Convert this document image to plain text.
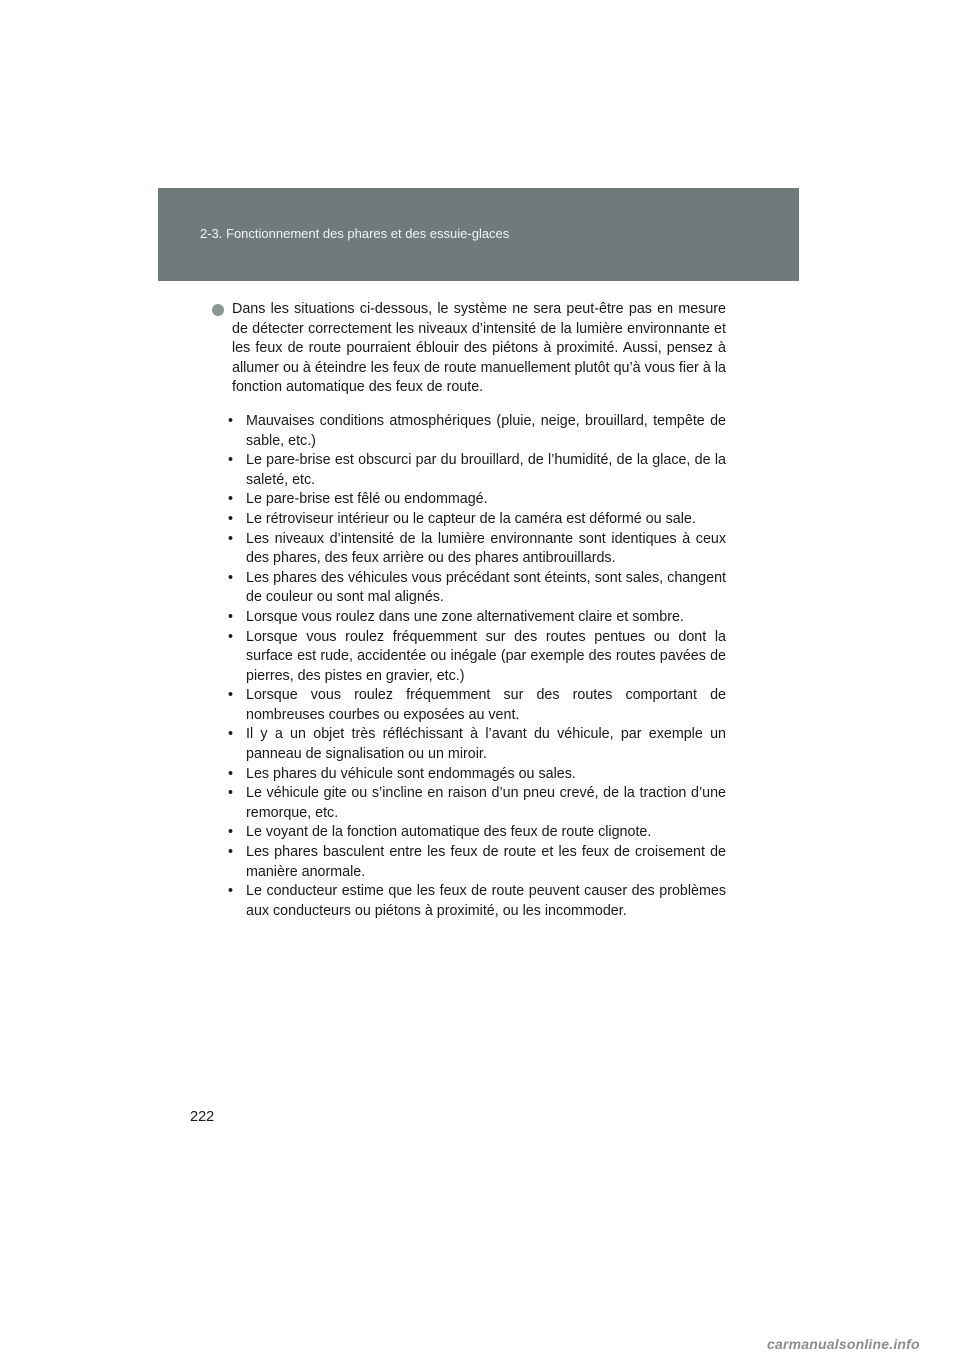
2-3. Fonctionnement des phares et des essuie-glaces
Dans les situations ci-dessous, le système ne sera peut-être pas en mesure de détecter correctement les niveaux d’intensité de la lumière environnante et les feux de route pourraient éblouir des piétons à proximité. Aussi, pensez à allumer ou à éteindre les feux de route manuellement plutôt qu’à vous fier à la fonction automatique des feux de route.
• Mauvaises conditions atmosphériques (pluie, neige, brouillard, tempête de sable, etc.)
• Le pare-brise est obscurci par du brouillard, de l’humidité, de la glace, de la saleté, etc.
• Le pare-brise est fêlé ou endommagé.
• Le rétroviseur intérieur ou le capteur de la caméra est déformé ou sale.
• Les niveaux d’intensité de la lumière environnante sont identiques à ceux des phares, des feux arrière ou des phares antibrouillards.
• Les phares des véhicules vous précédant sont éteints, sont sales, changent de couleur ou sont mal alignés.
• Lorsque vous roulez dans une zone alternativement claire et sombre.
• Lorsque vous roulez fréquemment sur des routes pentues ou dont la surface est rude, accidentée ou inégale (par exemple des routes pavées de pierres, des pistes en gravier, etc.)
• Lorsque vous roulez fréquemment sur des routes comportant de nombreuses courbes ou exposées au vent.
• Il y a un objet très réfléchissant à l’avant du véhicule, par exemple un panneau de signalisation ou un miroir.
• Les phares du véhicule sont endommagés ou sales.
• Le véhicule gite ou s’incline en raison d’un pneu crevé, de la traction d’une remorque, etc.
• Le voyant de la fonction automatique des feux de route clignote.
• Les phares basculent entre les feux de route et les feux de croisement de manière anormale.
• Le conducteur estime que les feux de route peuvent causer des problèmes aux conducteurs ou piétons à proximité, ou les incommoder.
222
carmanualsonline.info
